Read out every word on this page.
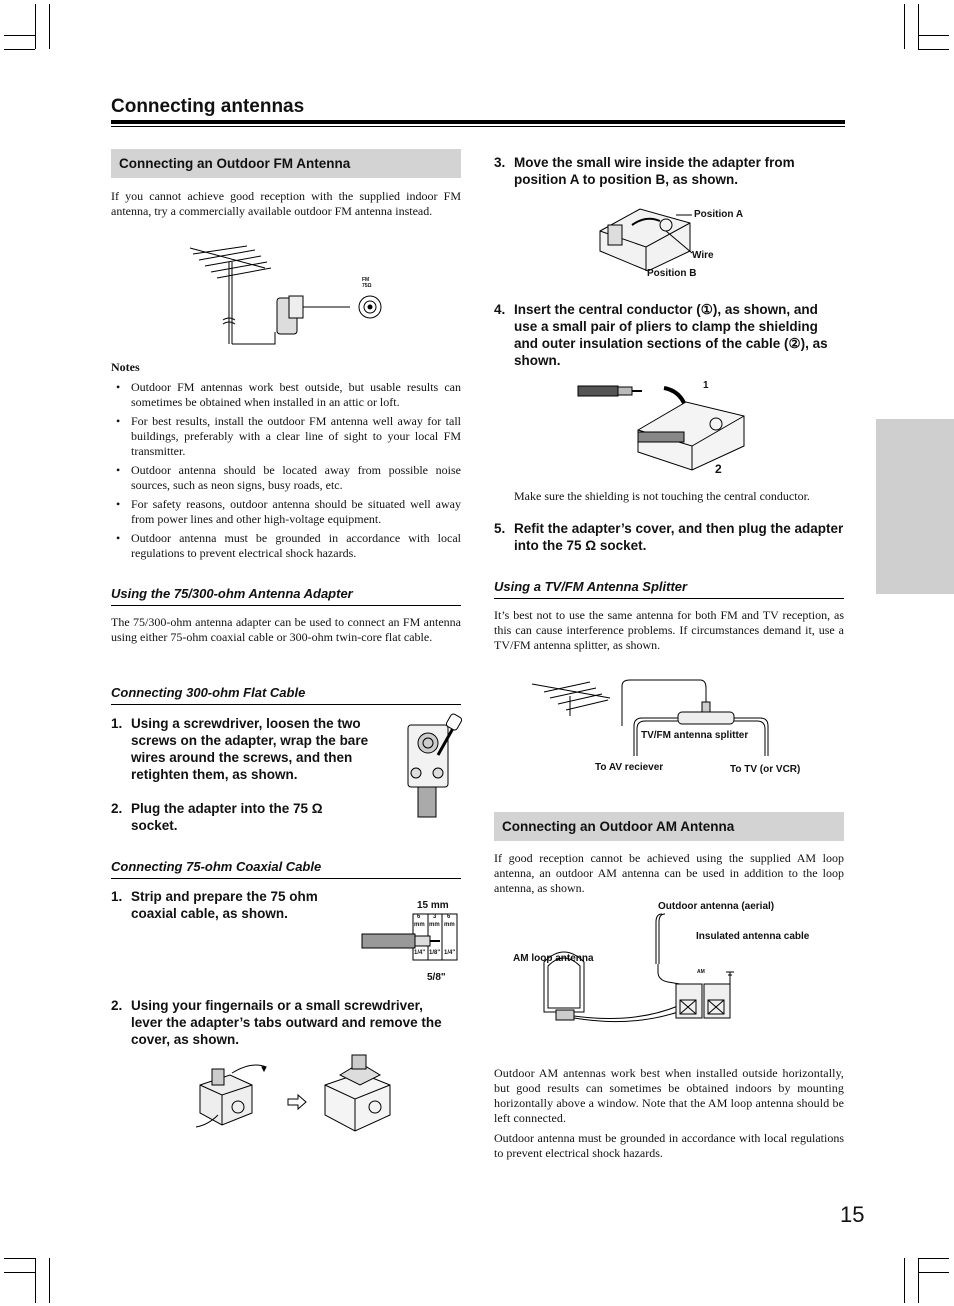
Connecting antennas
Connecting an Outdoor FM Antenna
If you cannot achieve good reception with the supplied indoor FM antenna, try a commercially available outdoor FM antenna instead.
FM 75Ω
Notes
• Outdoor FM antennas work best outside, but usable results can sometimes be obtained when installed in an attic or loft.
• For best results, install the outdoor FM antenna well away for tall buildings, preferably with a clear line of sight to your local FM transmitter.
• Outdoor antenna should be located away from possible noise sources, such as neon signs, busy roads, etc.
• For safety reasons, outdoor antenna should be situated well away from power lines and other high-voltage equipment.
• Outdoor antenna must be grounded in accordance with local regulations to prevent electrical shock hazards.
Using the 75/300-ohm Antenna Adapter
The 75/300-ohm antenna adapter can be used to connect an FM antenna using either 75-ohm coaxial cable or 300-ohm twin-core flat cable.
Connecting 300-ohm Flat Cable
1. Using a screwdriver, loosen the two screws on the adapter, wrap the bare wires around the screws, and then retighten them, as shown.
2. Plug the adapter into the 75 Ω socket.
Connecting 75-ohm Coaxial Cable
1. Strip and prepare the 75 ohm coaxial cable, as shown.
15 mm
6 3 6
mm mm mm
1/4" 1/8" 1/4"
5/8"
2. Using your fingernails or a small screwdriver, lever the adapter’s tabs outward and remove the cover, as shown.
3. Move the small wire inside the adapter from position A to position B, as shown.
Position A
Wire
Position B
4. Insert the central conductor (①), as shown, and use a small pair of pliers to clamp the shielding and outer insulation sections of the cable (②), as shown.
1
2
Make sure the shielding is not touching the central conductor.
5. Refit the adapter’s cover, and then plug the adapter into the 75 Ω socket.
Using a TV/FM Antenna Splitter
It’s best not to use the same antenna for both FM and TV reception, as this can cause interference problems. If circumstances demand it, use a TV/FM antenna splitter, as shown.
TV/FM antenna splitter
To AV reciever	To TV (or VCR)
Connecting an Outdoor AM Antenna
If good reception cannot be achieved using the supplied AM loop antenna, an outdoor AM antenna can be used in addition to the loop antenna, as shown.
Outdoor antenna (aerial)
Insulated antenna cable
AM loop antenna
AM
Outdoor AM antennas work best when installed outside horizontally, but good results can sometimes be obtained indoors by mounting horizontally above a window. Note that the AM loop antenna should be left connected.
Outdoor antenna must be grounded in accordance with local regulations to prevent electrical shock hazards.
15
